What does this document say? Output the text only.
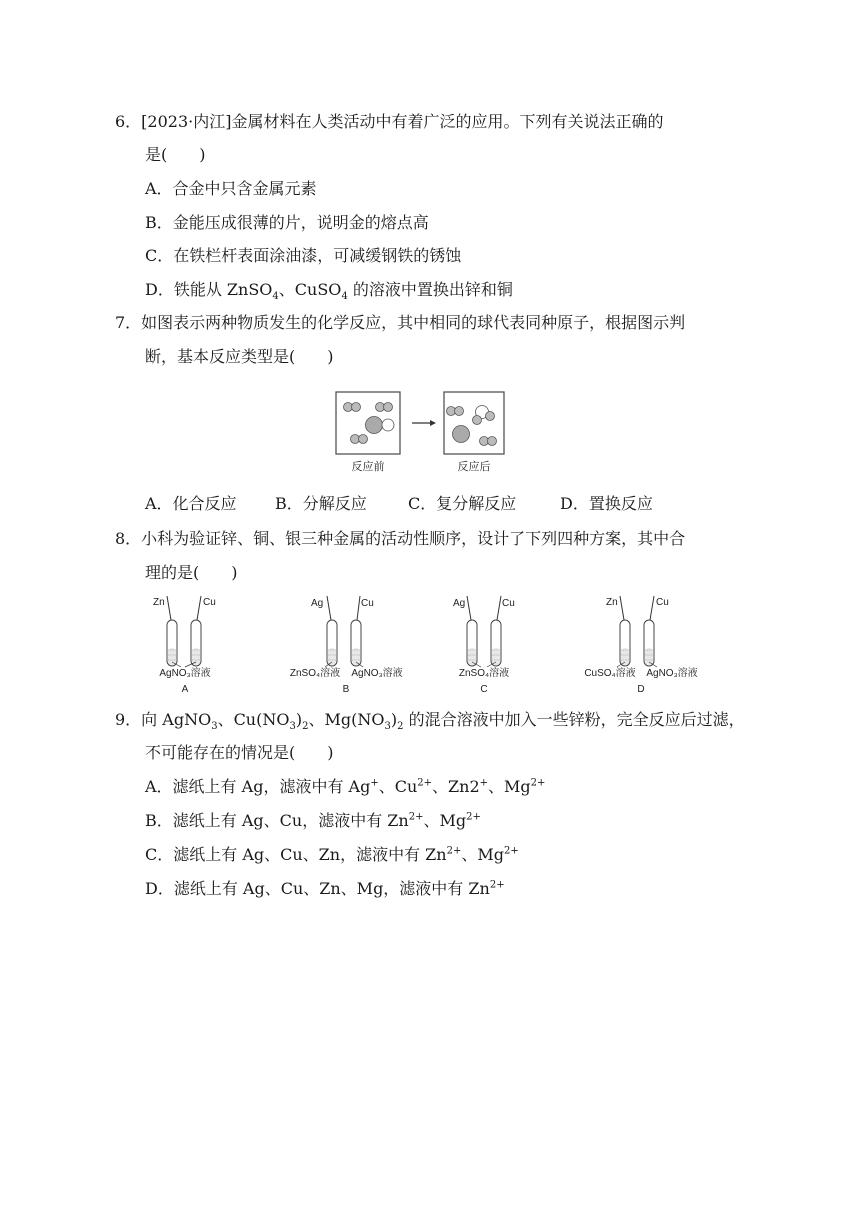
6．[2023·内江]金属材料在人类活动中有着广泛的应用。下列有关说法正确的
是(　　)
A．合金中只含金属元素
B．金能压成很薄的片，说明金的熔点高
C．在铁栏杆表面涂油漆，可减缓钢铁的锈蚀
D．铁能从 ZnSO$_4$、CuSO$_4$ 的溶液中置换出锌和铜
7．如图表示两种物质发生的化学反应，其中相同的球代表同种原子，根据图示判
断，基本反应类型是(　　)
反应前	反应后
A．化合反应 B．分解反应	C．复分解反应	D．置换反应
8．小科为验证锌、铜、银三种金属的活动性顺序，设计了下列四种方案，其中合
理的是(　　)
Zn	Cu
AgNO₃溶液
A
Ag	Cu
ZnSO₄溶液 AgNO₃溶液
B
Ag	Cu
ZnSO₄溶液
C
Zn	Cu
CuSO₄溶液 AgNO₃溶液
D
9．向 AgNO$_3$、$Cu(NO_3)_2$、$Mg(NO_3)_2$ 的混合溶液中加入一些锌粉，完全反应后过滤，
不可能存在的情况是(　　)
A．滤纸上有 Ag，滤液中有 Ag+、$Cu^{2+}$、Zn2+、$Mg^{2+}$
B．滤纸上有 Ag、Cu，滤液中有 $Zn^{2+}$、$Mg^{2+}$
C．滤纸上有 Ag、Cu、Zn，滤液中有 $Zn^{2+}$、$Mg^{2+}$
D．滤纸上有 Ag、Cu、Zn、Mg，滤液中有 $Zn^{2+}$
